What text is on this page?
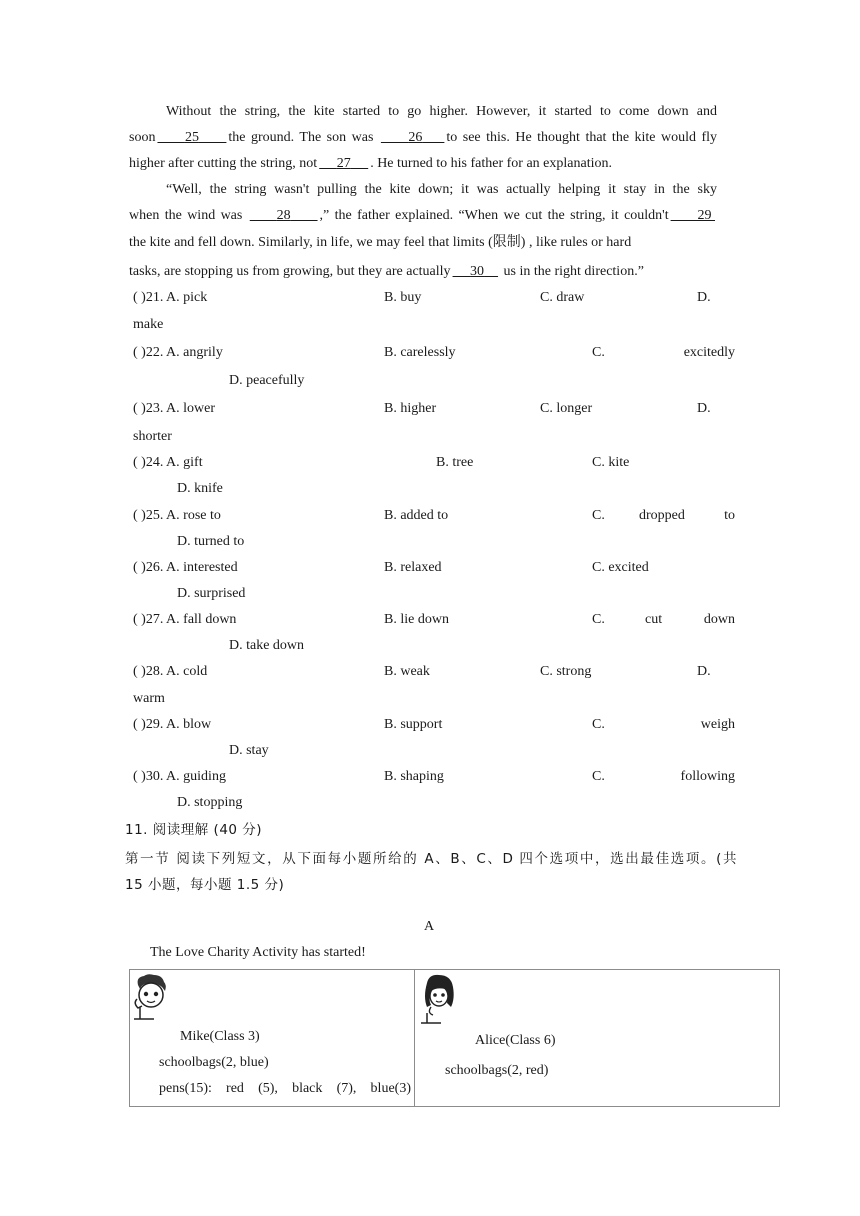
Without the string, the kite started to go higher. However, it started to come down and
soon 25 the ground. The son was 26 to see this. He thought that the kite would fly
higher after cutting the string, not 27 . He turned to his father for an explanation.
“Well, the string wasn't pulling the kite down; it was actually helping it stay in the sky
when the wind was 28 ,” the father explained. “When we cut the string, it couldn't 29
the kite and fell down. Similarly, in life, we may feel that limits (限制) , like rules or hard
tasks, are stopping us from growing, but they are actually 30 us in the right direction.”
( )21. A. pick	B. buy	C. draw	D.
make
( )22. A. angrily	B. carelessly	C.	excitedly
D. peacefully
( )23. A. lower	B. higher	C. longer	D.
shorter
( )24. A. gift	B. tree	C. kite
D. knife
( )25. A. rose to	B. added to	C. dropped	to
D. turned to
( )26. A. interested	B. relaxed	C. excited
D. surprised
( )27. A. fall down	B. lie down	C.	cut	down
D. take down
( )28. A. cold	B. weak	C. strong	D.
warm
( )29. A. blow	B. support	C.	weigh
D. stay
( )30. A. guiding	B. shaping	C.	following
D. stopping
11. 阅读理解 (40 分)
第一节 阅读下列短文，从下面每小题所给的 A、B、C、D 四个选项中，选出最佳选项。(共
15 小题，每小题 1.5 分)
A
The Love Charity Activity has started!
Mike(Class 3)
schoolbags(2, blue)
pens(15):  red  (5),  black  (7),  blue(3)

Alice(Class 6)
schoolbags(2, red)
